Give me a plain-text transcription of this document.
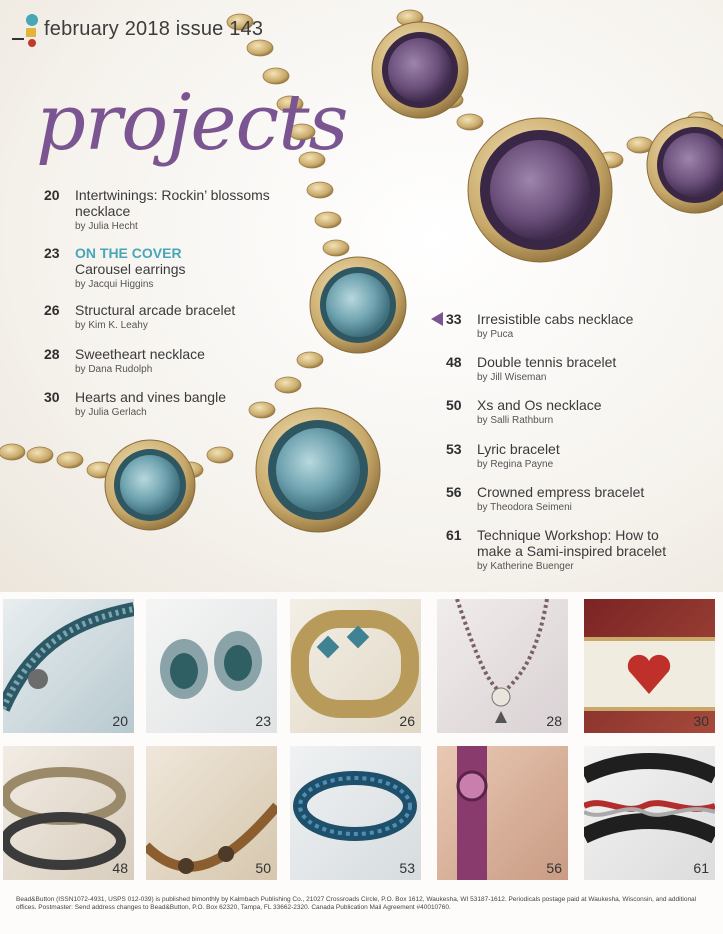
february 2018 issue 143
projects
20	Intertwinings: Rockin’ blossoms necklace
by Julia Hecht
23	ON THE COVER
Carousel earrings
by Jacqui Higgins
26	Structural arcade bracelet
by Kim K. Leahy
28	Sweetheart necklace
by Dana Rudolph
30	Hearts and vines bangle
by Julia Gerlach
33	Irresistible cabs necklace
by Puca
48	Double tennis bracelet
by Jill Wiseman
50	Xs and Os necklace
by Salli Rathburn
53	Lyric bracelet
by Regina Payne
56	Crowned empress bracelet
by Theodora Seimeni
61	Technique Workshop: How to make a Sami-inspired bracelet
by Katherine Buenger
20	23	26	28	30
48	50	53	56	61
Bead&Button (ISSN1072-4931, USPS 012-039) is published bimonthly by Kalmbach Publishing Co., 21027 Crossroads Circle, P.O. Box 1612, Waukesha, WI 53187-1612. Periodicals postage paid at Waukesha, Wisconsin, and additional offices. Postmaster: Send address changes to Bead&Button, P.O. Box 62320, Tampa, FL 33662-2320. Canada Publication Mail Agreement #40010760.
